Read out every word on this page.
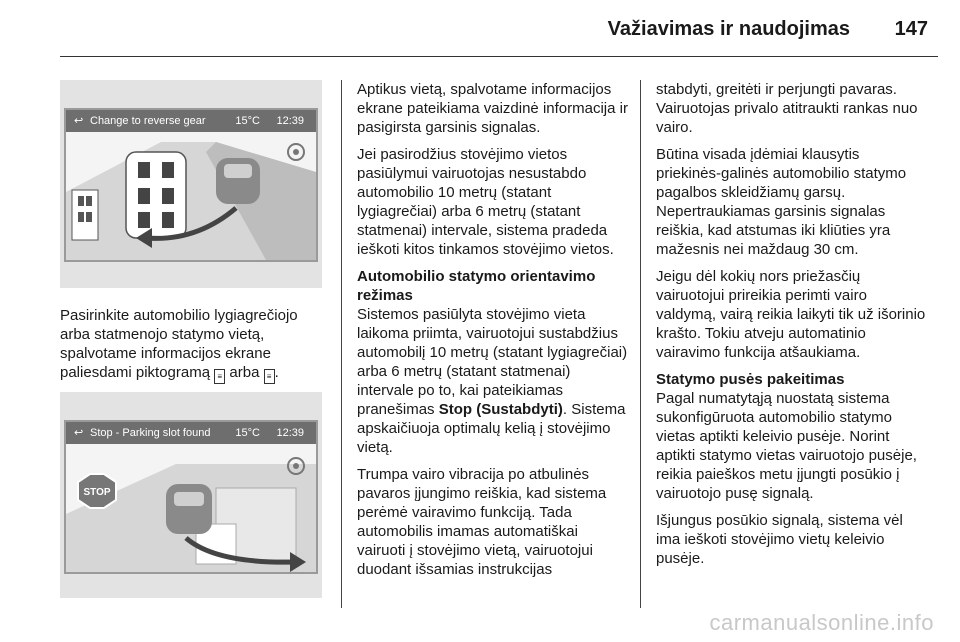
Važiavimas ir naudojimas 147
↩ Change to reverse gear	15°C 12:39

Pasirinkite automobilio lygiagrečiojo arba statmenojo statymo vietą, spalvotame informacijos ekrane paliesdami piktogramą ≡ arba ≡ .

↩ Stop - Parking slot found 15°C 12:39
STOP

Aptikus vietą, spalvotame informacijos ekrane pateikiama vaizdinė informacija ir pasigirsta garsinis signalas.

Jei pasirodžius stovėjimo vietos pasiūlymui vairuotojas nesustabdo automobilio 10 metrų (statant lygiagrečiai) arba 6 metrų (statant statmenai) intervale, sistema pradeda ieškoti kitos tinkamos stovėjimo vietos.

Automobilio statymo orientavimo režimas

Sistemos pasiūlyta stovėjimo vieta laikoma priimta, vairuotojui sustabdžius automobilį 10 metrų (statant lygiagrečiai) arba 6 metrų (statant statmenai) intervale po to, kai pateikiamas pranešimas Stop (Sustabdyti). Sistema apskaičiuoja optimalų kelią į stovėjimo vietą.

Trumpa vairo vibracija po atbulinės pavaros įjungimo reiškia, kad sistema perėmė vairavimo funkciją. Tada automobilis imamas automatiškai vairuoti į stovėjimo vietą, vairuotojui duodant išsamias instrukcijas

stabdyti, greitėti ir perjungti pavaras. Vairuotojas privalo atitraukti rankas nuo vairo.

Būtina visada įdėmiai klausytis priekinės-galinės automobilio statymo pagalbos skleidžiamų garsų. Nepertraukiamas garsinis signalas reiškia, kad atstumas iki kliūties yra mažesnis nei maždaug 30 cm.

Jeigu dėl kokių nors priežasčių vairuotojui prireikia perimti vairo valdymą, vairą reikia laikyti tik už išorinio krašto. Tokiu atveju automatinio vairavimo funkcija atšaukiama.

Statymo pusės pakeitimas

Pagal numatytąją nuostatą sistema sukonfigūruota automobilio statymo vietas aptikti keleivio pusėje. Norint aptikti statymo vietas vairuotojo pusėje, reikia paieškos metu įjungti posūkio į vairuotojo pusę signalą.

Išjungus posūkio signalą, sistema vėl ima ieškoti stovėjimo vietų keleivio pusėje.

carmanualsonline.info
